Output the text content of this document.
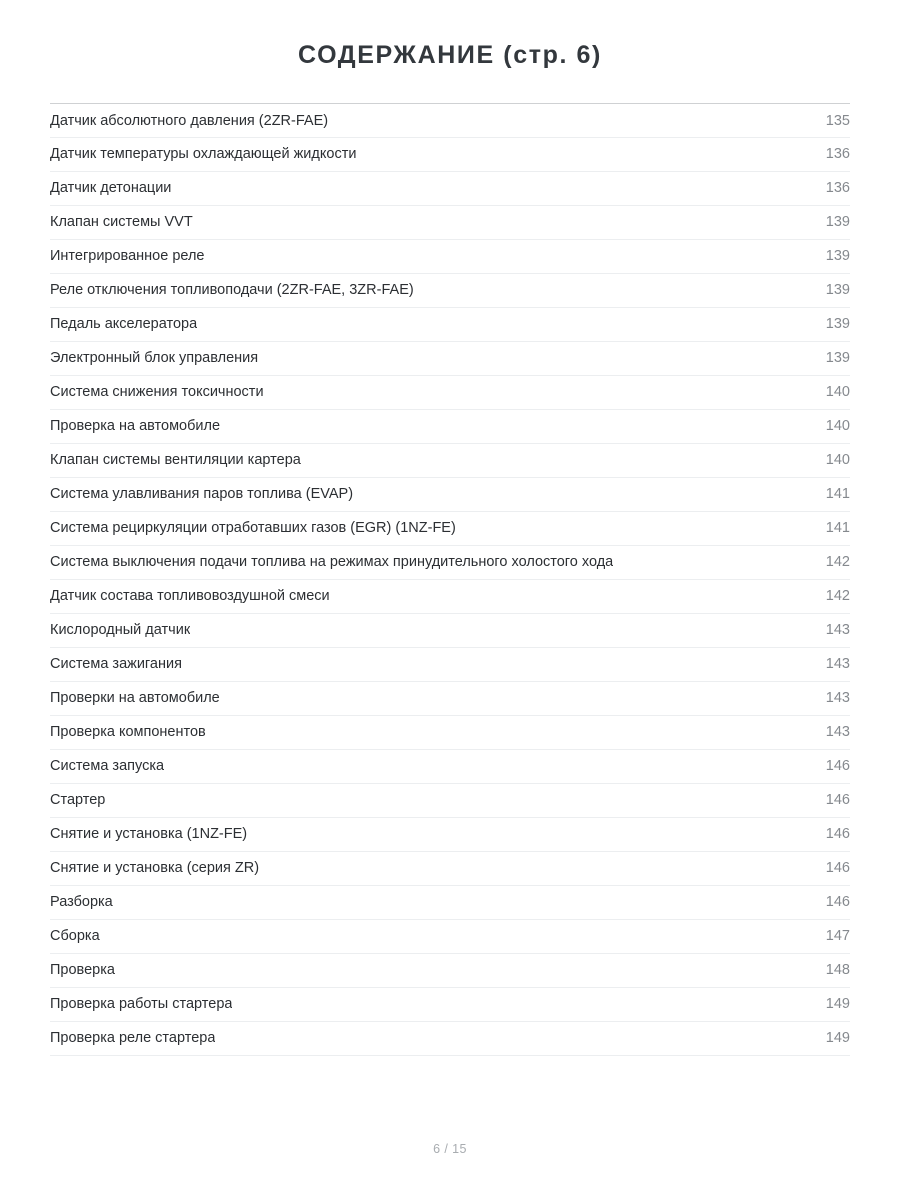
СОДЕРЖАНИЕ (стр. 6)
Датчик абсолютного давления (2ZR-FAE)	135
Датчик температуры охлаждающей жидкости	136
Датчик детонации	136
Клапан системы VVT	139
Интегрированное реле	139
Реле отключения топливоподачи (2ZR-FAE, 3ZR-FAE)	139
Педаль акселератора	139
Электронный блок управления	139
Система снижения токсичности	140
Проверка на автомобиле	140
Клапан системы вентиляции картера	140
Система улавливания паров топлива (EVAP)	141
Система рециркуляции отработавших газов (EGR) (1NZ-FE)	141
Система выключения подачи топлива на режимах принудительного холостого хода	142
Датчик состава топливовоздушной смеси	142
Кислородный датчик	143
Система зажигания	143
Проверки на автомобиле	143
Проверка компонентов	143
Система запуска	146
Стартер	146
Снятие и установка (1NZ-FE)	146
Снятие и установка (серия ZR)	146
Разборка	146
Сборка	147
Проверка	148
Проверка работы стартера	149
Проверка реле стартера	149
6 / 15
